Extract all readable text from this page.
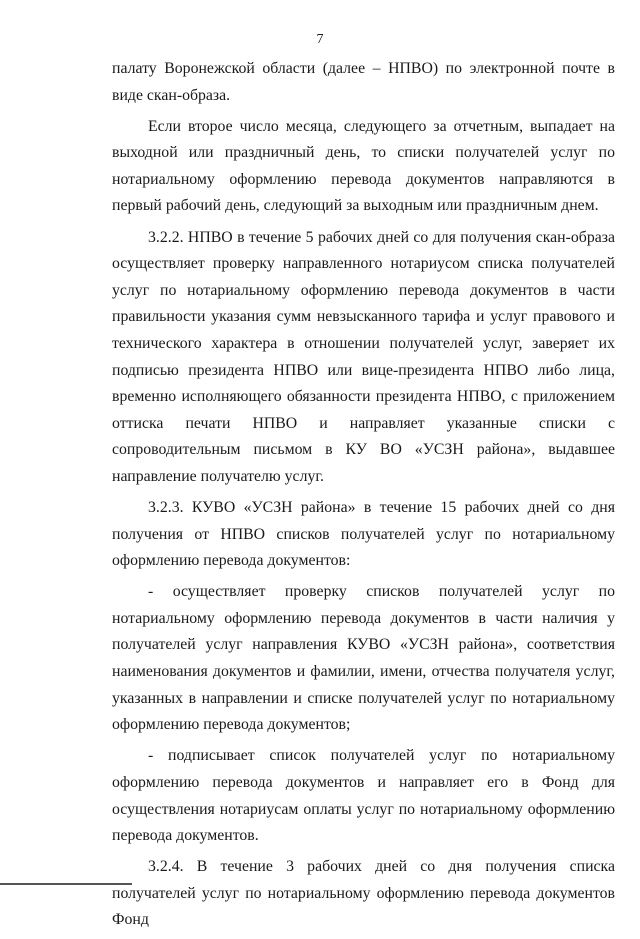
7

палату Воронежской области (далее – НПВО) по электронной почте в виде скан-образа.

Если второе число месяца, следующего за отчетным, выпадает на выходной или праздничный день, то списки получателей услуг по нотариальному оформлению перевода документов направляются в первый рабочий день, следующий за выходным или праздничным днем.

3.2.2. НПВО в течение 5 рабочих дней со для получения скан-образа осуществляет проверку направленного нотариусом списка получателей услуг по нотариальному оформлению перевода документов в части правильности указания сумм невзысканного тарифа и услуг правового и технического характера в отношении получателей услуг, заверяет их подписью президента НПВО или вице-президента НПВО либо лица, временно исполняющего обязанности президента НПВО, с приложением оттиска печати НПВО и направляет указанные списки с сопроводительным письмом в КУ ВО «УСЗН района», выдавшее направление получателю услуг.

3.2.3. КУВО «УСЗН района» в течение 15 рабочих дней со дня получения от НПВО списков получателей услуг по нотариальному оформлению перевода документов:

- осуществляет проверку списков получателей услуг по нотариальному оформлению перевода документов в части наличия у получателей услуг направления КУВО «УСЗН района», соответствия наименования документов и фамилии, имени, отчества получателя услуг, указанных в направлении и списке получателей услуг по нотариальному оформлению перевода документов;

- подписывает список получателей услуг по нотариальному оформлению перевода документов и направляет его в Фонд для осуществления нотариусам оплаты услуг по нотариальному оформлению перевода документов.

3.2.4. В течение 3 рабочих дней со дня получения списка получателей услуг по нотариальному оформлению перевода документов Фонд
